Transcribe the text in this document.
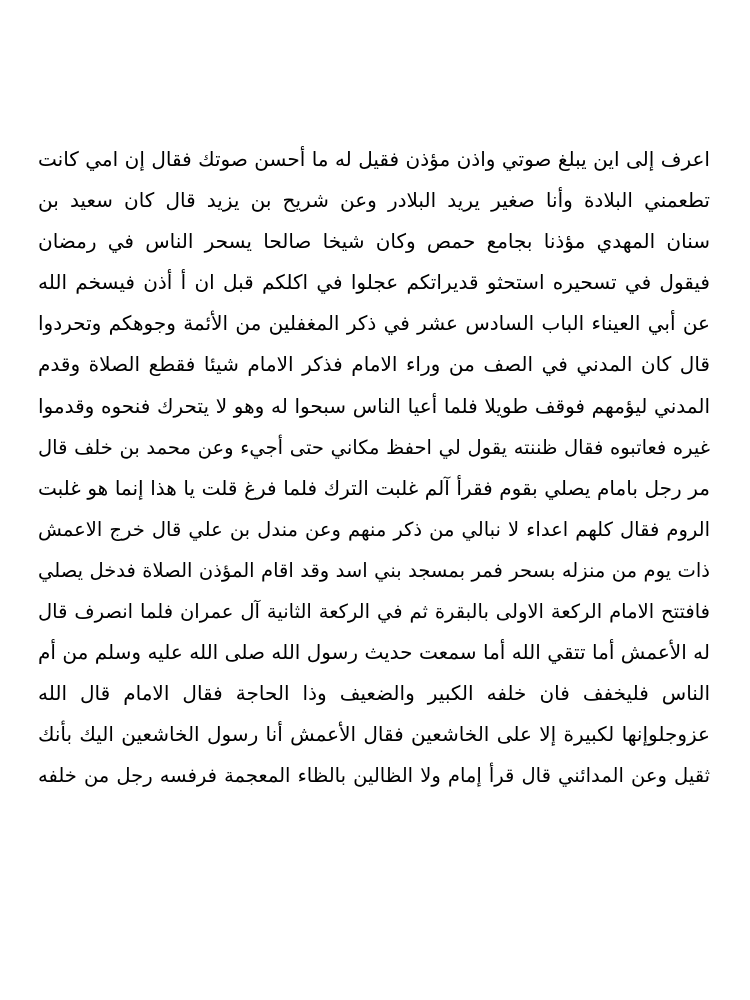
اعرف إلى اين يبلغ صوتي واذن مؤذن فقيل له ما أحسن صوتك فقال إن امي كانت
تطعمني البلادة وأنا صغير يريد البلادر وعن شريح بن يزيد قال كان سعيد بن
سنان المهدي مؤذنا بجامع حمص وكان شيخا صالحا يسحر الناس في رمضان
فيقول في تسحيره استحثو قديراتكم عجلوا في اكلكم قبل ان أ أذن فيسخم الله
عن أبي العيناء الباب السادس عشر في ذكر المغفلين من الأئمة وجوهكم وتحردوا
قال كان المدني في الصف من وراء الامام فذكر الامام شيئا فقطع الصلاة وقدم
المدني ليؤمهم فوقف طويلا فلما أعيا الناس سبحوا له وهو لا يتحرك فنحوه وقدموا
غيره فعاتبوه فقال ظننته يقول لي احفظ مكاني حتى أجيء وعن محمد بن خلف قال
مر رجل بامام يصلي بقوم فقرأ آلم غلبت الترك فلما فرغ قلت يا هذا إنما هو غلبت
الروم فقال كلهم اعداء لا نبالي من ذكر منهم وعن مندل بن علي قال خرج الاعمش
ذات يوم من منزله بسحر فمر بمسجد بني اسد وقد اقام المؤذن الصلاة فدخل يصلي
فافتتح الامام الركعة الاولى بالبقرة ثم في الركعة الثانية آل عمران فلما انصرف قال
له الأعمش أما تتقي الله أما سمعت حديث رسول الله صلى الله عليه وسلم من أم
الناس فليخفف فان خلفه الكبير والضعيف وذا الحاجة فقال الامام قال الله
عزوجلوإنها لكبيرة إلا على الخاشعين فقال الأعمش أنا رسول الخاشعين اليك بأنك
ثقيل وعن المدائني قال قرأ إمام ولا الظالين بالظاء المعجمة فرفسه رجل من خلفه
